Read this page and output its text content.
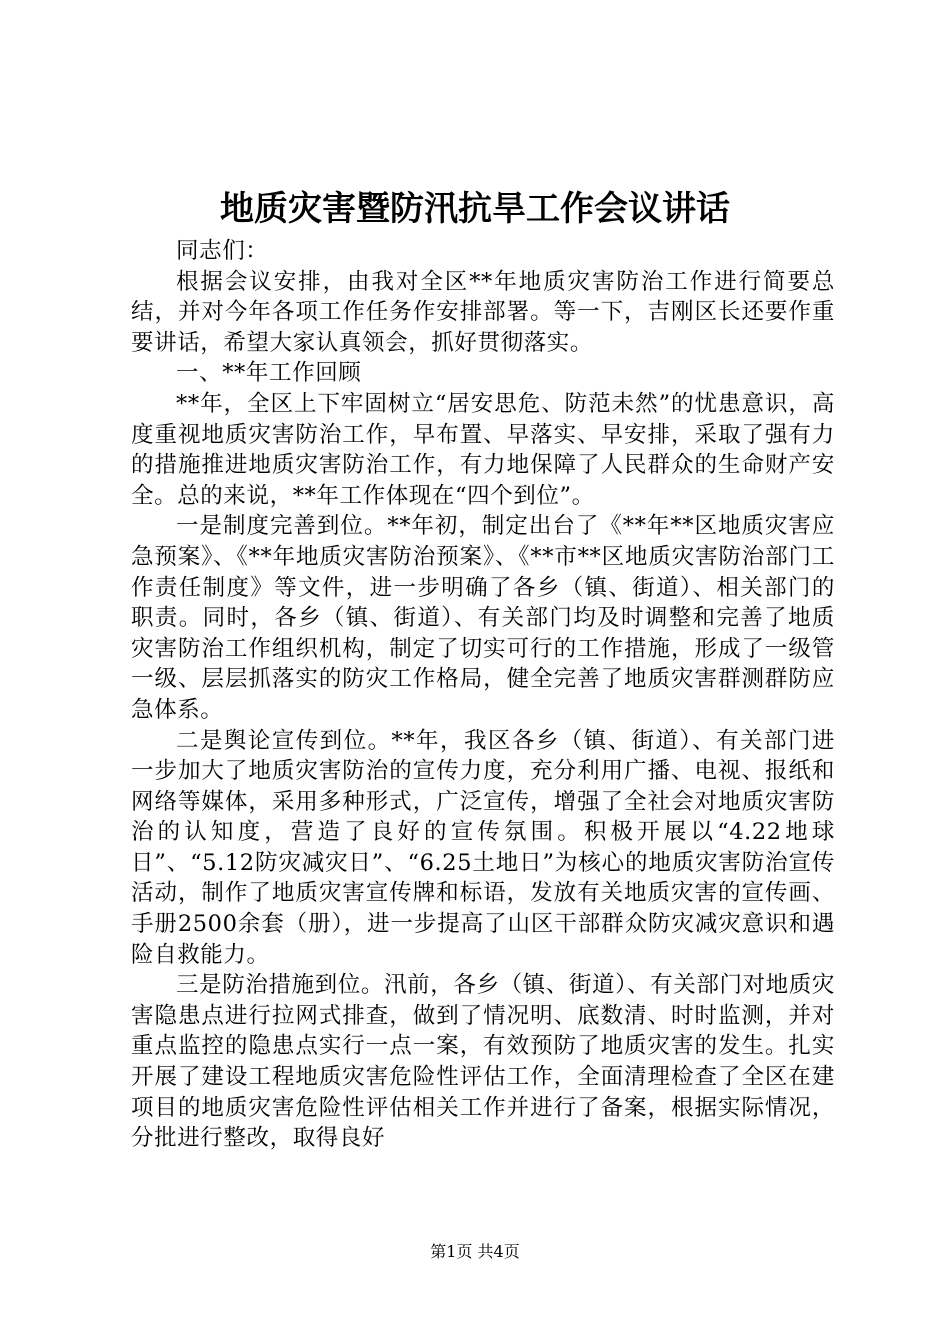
地质灾害暨防汛抗旱工作会议讲话

同志们：

根据会议安排，由我对全区**年地质灾害防治工作进行简要总结，并对今年各项工作任务作安排部署。等一下，吉刚区长还要作重要讲话，希望大家认真领会，抓好贯彻落实。

一、**年工作回顾

**年，全区上下牢固树立“居安思危、防范未然”的忧患意识，高度重视地质灾害防治工作，早布置、早落实、早安排，采取了强有力的措施推进地质灾害防治工作，有力地保障了人民群众的生命财产安全。总的来说，**年工作体现在“四个到位”。

一是制度完善到位。**年初，制定出台了《**年**区地质灾害应急预案》、《**年地质灾害防治预案》、《**市**区地质灾害防治部门工作责任制度》等文件，进一步明确了各乡（镇、街道）、相关部门的职责。同时，各乡（镇、街道）、有关部门均及时调整和完善了地质灾害防治工作组织机构，制定了切实可行的工作措施，形成了一级管一级、层层抓落实的防灾工作格局，健全完善了地质灾害群测群防应急体系。

二是舆论宣传到位。**年，我区各乡（镇、街道）、有关部门进一步加大了地质灾害防治的宣传力度，充分利用广播、电视、报纸和网络等媒体，采用多种形式，广泛宣传，增强了全社会对地质灾害防治的认知度，营造了良好的宣传氛围。积极开展以“4.22地球日”、“5.12防灾减灾日”、“6.25土地日”为核心的地质灾害防治宣传活动，制作了地质灾害宣传牌和标语，发放有关地质灾害的宣传画、手册2500余套（册），进一步提高了山区干部群众防灾减灾意识和遇险自救能力。

三是防治措施到位。汛前，各乡（镇、街道）、有关部门对地质灾害隐患点进行拉网式排查，做到了情况明、底数清、时时监测，并对重点监控的隐患点实行一点一案，有效预防了地质灾害的发生。扎实开展了建设工程地质灾害危险性评估工作，全面清理检查了全区在建项目的地质灾害危险性评估相关工作并进行了备案，根据实际情况，分批进行整改，取得良好

第1页 共4页
